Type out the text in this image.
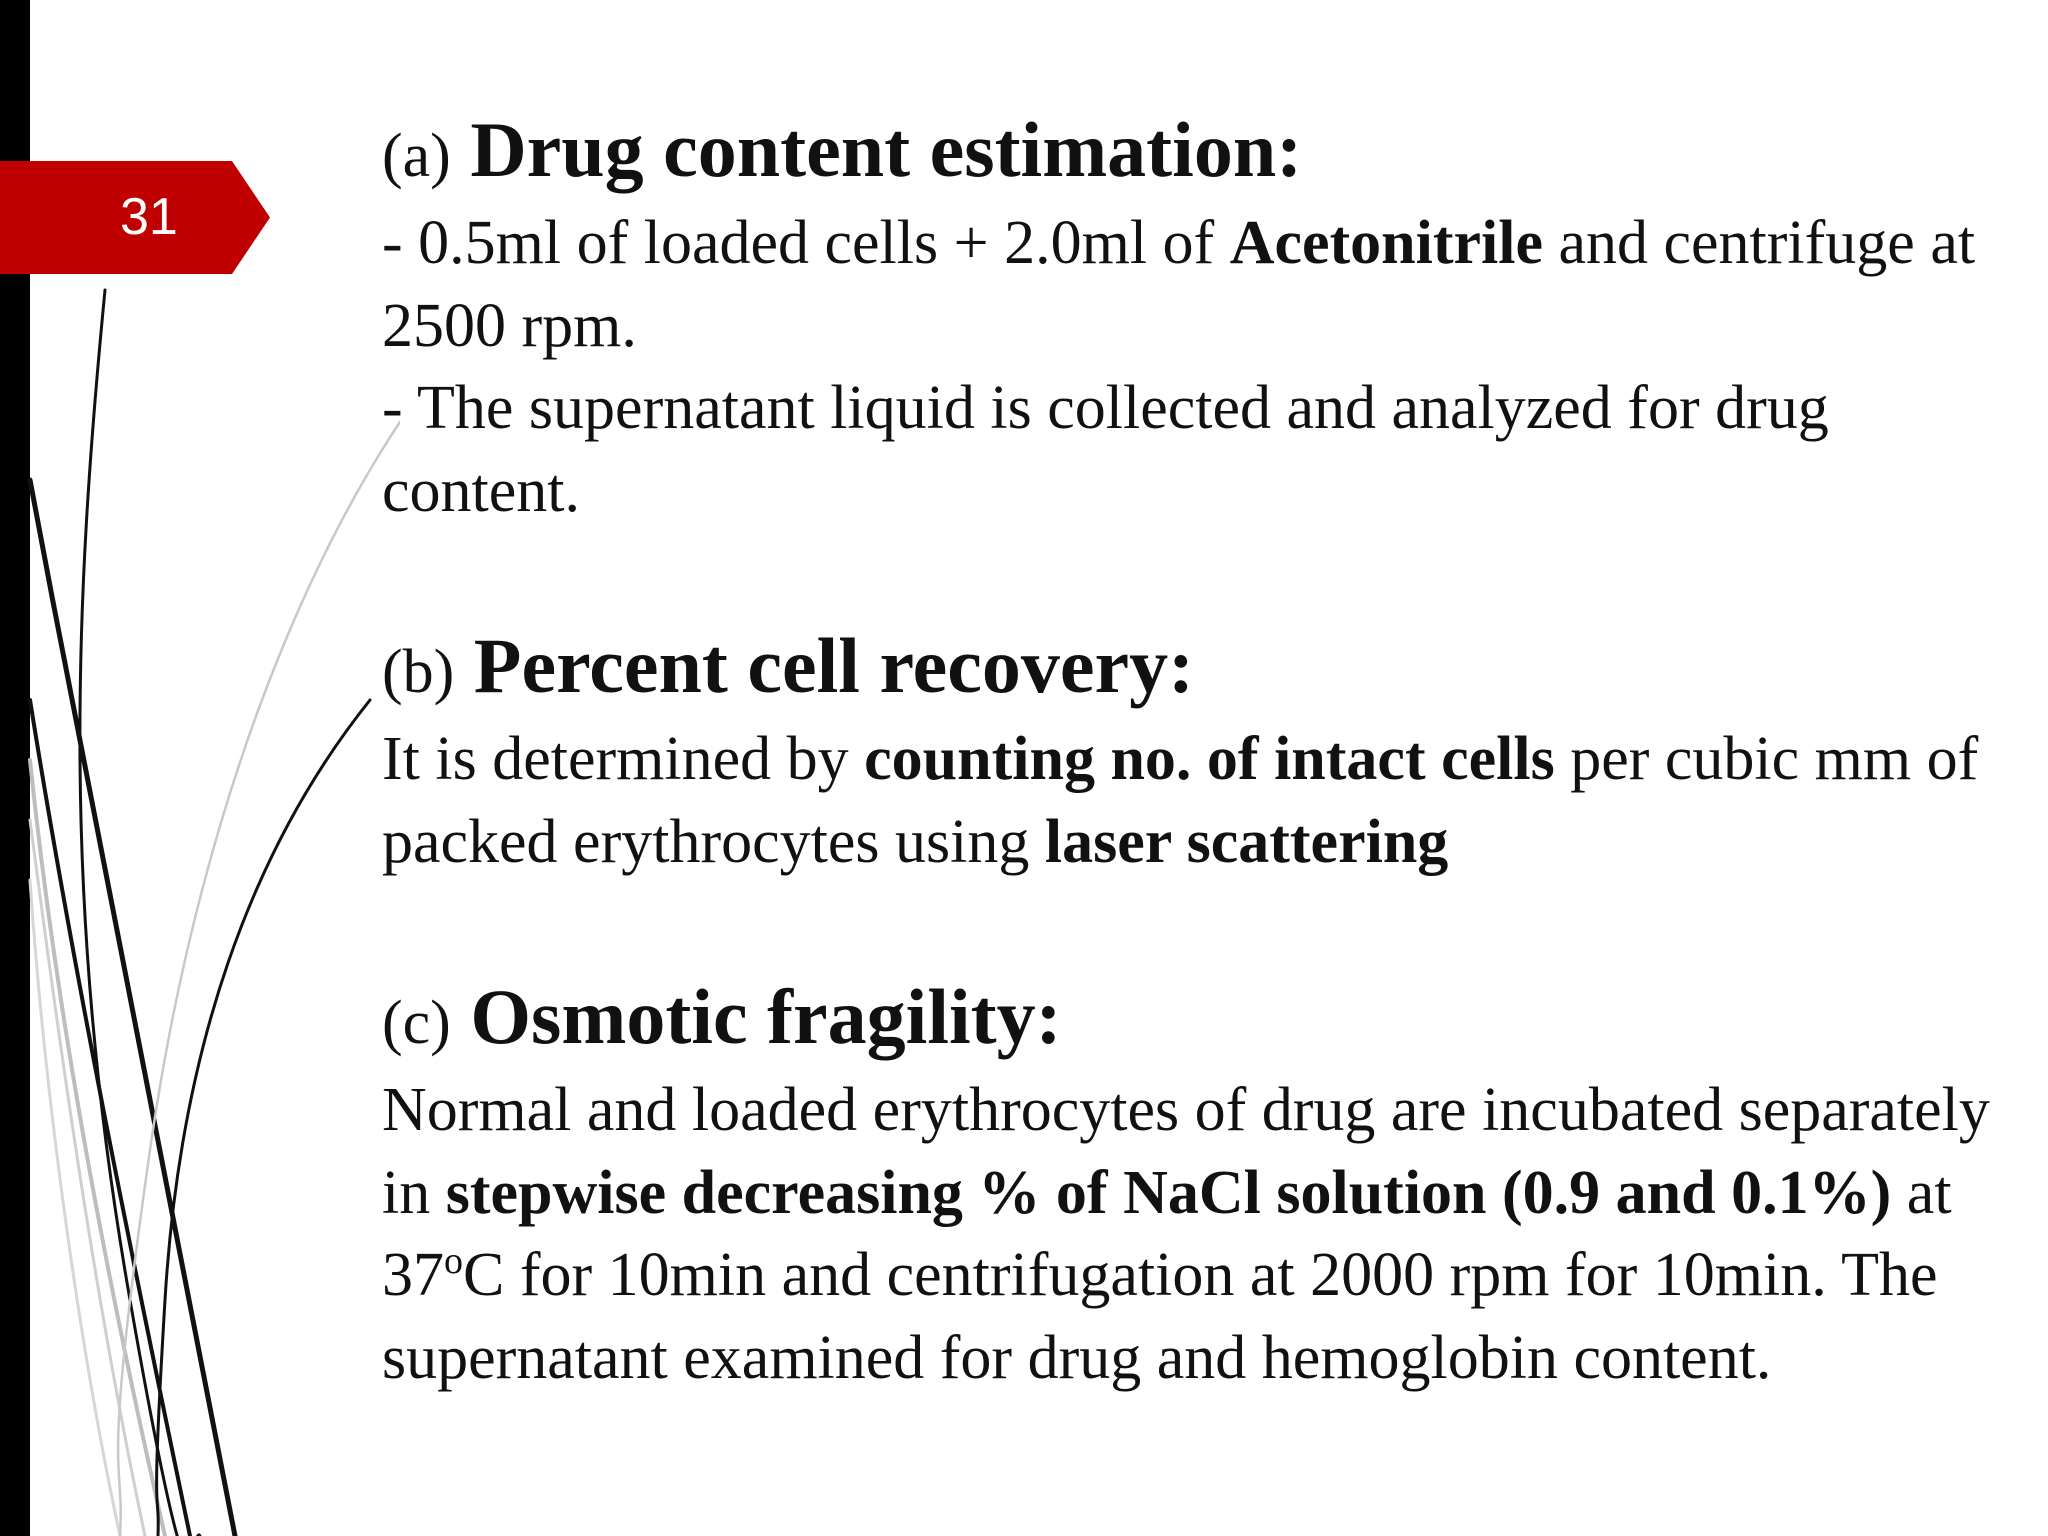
31

(a) Drug content estimation:

- 0.5ml of loaded cells + 2.0ml of Acetonitrile and centrifuge at 2500 rpm.

- The supernatant liquid is collected and analyzed for drug content.

(b) Percent cell recovery:

It is determined by counting no. of intact cells per cubic mm of packed erythrocytes using laser scattering

(c) Osmotic fragility:

Normal and loaded erythrocytes of drug are incubated separately in stepwise decreasing % of NaCl solution (0.9 and 0.1%) at 37$^o$C for 10min and centrifugation at 2000 rpm for 10min. The supernatant examined for drug and hemoglobin content.
